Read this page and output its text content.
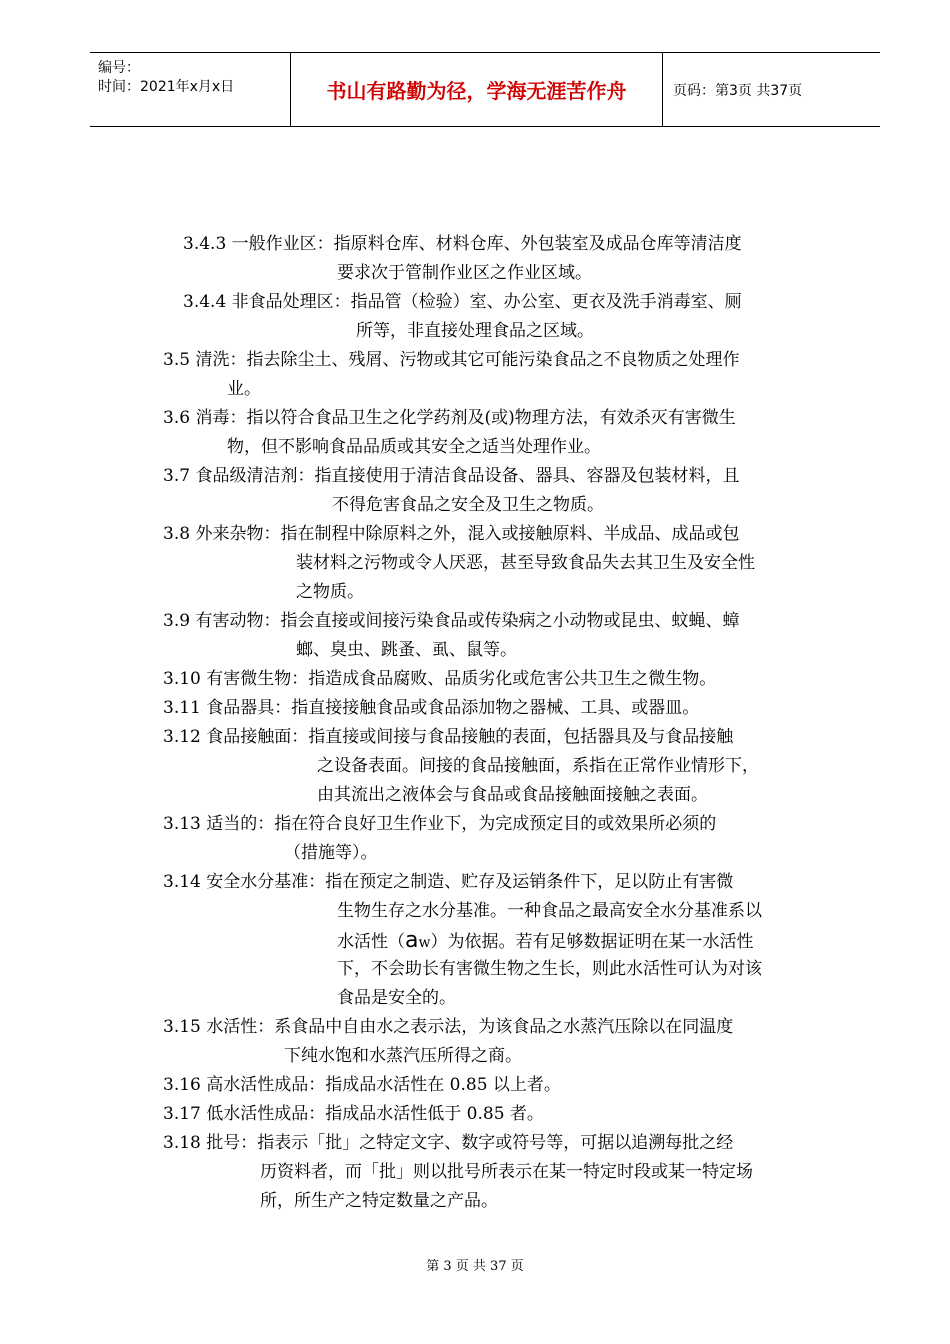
编号：
时间：2021年x月x日	书山有路勤为径，学海无涯苦作舟	页码：第3页 共37页
3.4.3 一般作业区：指原料仓库、材料仓库、外包装室及成品仓库等清洁度
要求次于管制作业区之作业区域。
3.4.4 非食品处理区：指品管（检验）室、办公室、更衣及洗手消毒室、厕
所等，非直接处理食品之区域。
3.5 清洗：指去除尘土、残屑、污物或其它可能污染食品之不良物质之处理作
业。
3.6 消毒：指以符合食品卫生之化学药剂及(或)物理方法，有效杀灭有害微生
物，但不影响食品品质或其安全之适当处理作业。
3.7 食品级清洁剂：指直接使用于清洁食品设备、器具、容器及包装材料，且
不得危害食品之安全及卫生之物质。
3.8 外来杂物：指在制程中除原料之外，混入或接触原料、半成品、成品或包
装材料之污物或令人厌恶，甚至导致食品失去其卫生及安全性
之物质。
3.9 有害动物：指会直接或间接污染食品或传染病之小动物或昆虫、蚊蝇、蟑
螂、臭虫、跳蚤、虱、鼠等。
3.10 有害微生物：指造成食品腐败、品质劣化或危害公共卫生之微生物。
3.11 食品器具：指直接接触食品或食品添加物之器械、工具、或器皿。
3.12 食品接触面：指直接或间接与食品接触的表面，包括器具及与食品接触
之设备表面。间接的食品接触面，系指在正常作业情形下，
由其流出之液体会与食品或食品接触面接触之表面。
3.13 适当的：指在符合良好卫生作业下，为完成预定目的或效果所必须的
（措施等）。
3.14 安全水分基准：指在预定之制造、贮存及运销条件下，足以防止有害微
生物生存之水分基准。一种食品之最高安全水分基准系以
水活性（aw）为依据。若有足够数据证明在某一水活性
下，不会助长有害微生物之生长，则此水活性可认为对该
食品是安全的。
3.15 水活性：系食品中自由水之表示法，为该食品之水蒸汽压除以在同温度
下纯水饱和水蒸汽压所得之商。
3.16 高水活性成品：指成品水活性在 0.85 以上者。
3.17 低水活性成品：指成品水活性低于 0.85 者。
3.18 批号：指表示「批」之特定文字、数字或符号等，可据以追溯每批之经
历资料者，而「批」则以批号所表示在某一特定时段或某一特定场
所，所生产之特定数量之产品。
第 3 页 共 37 页
